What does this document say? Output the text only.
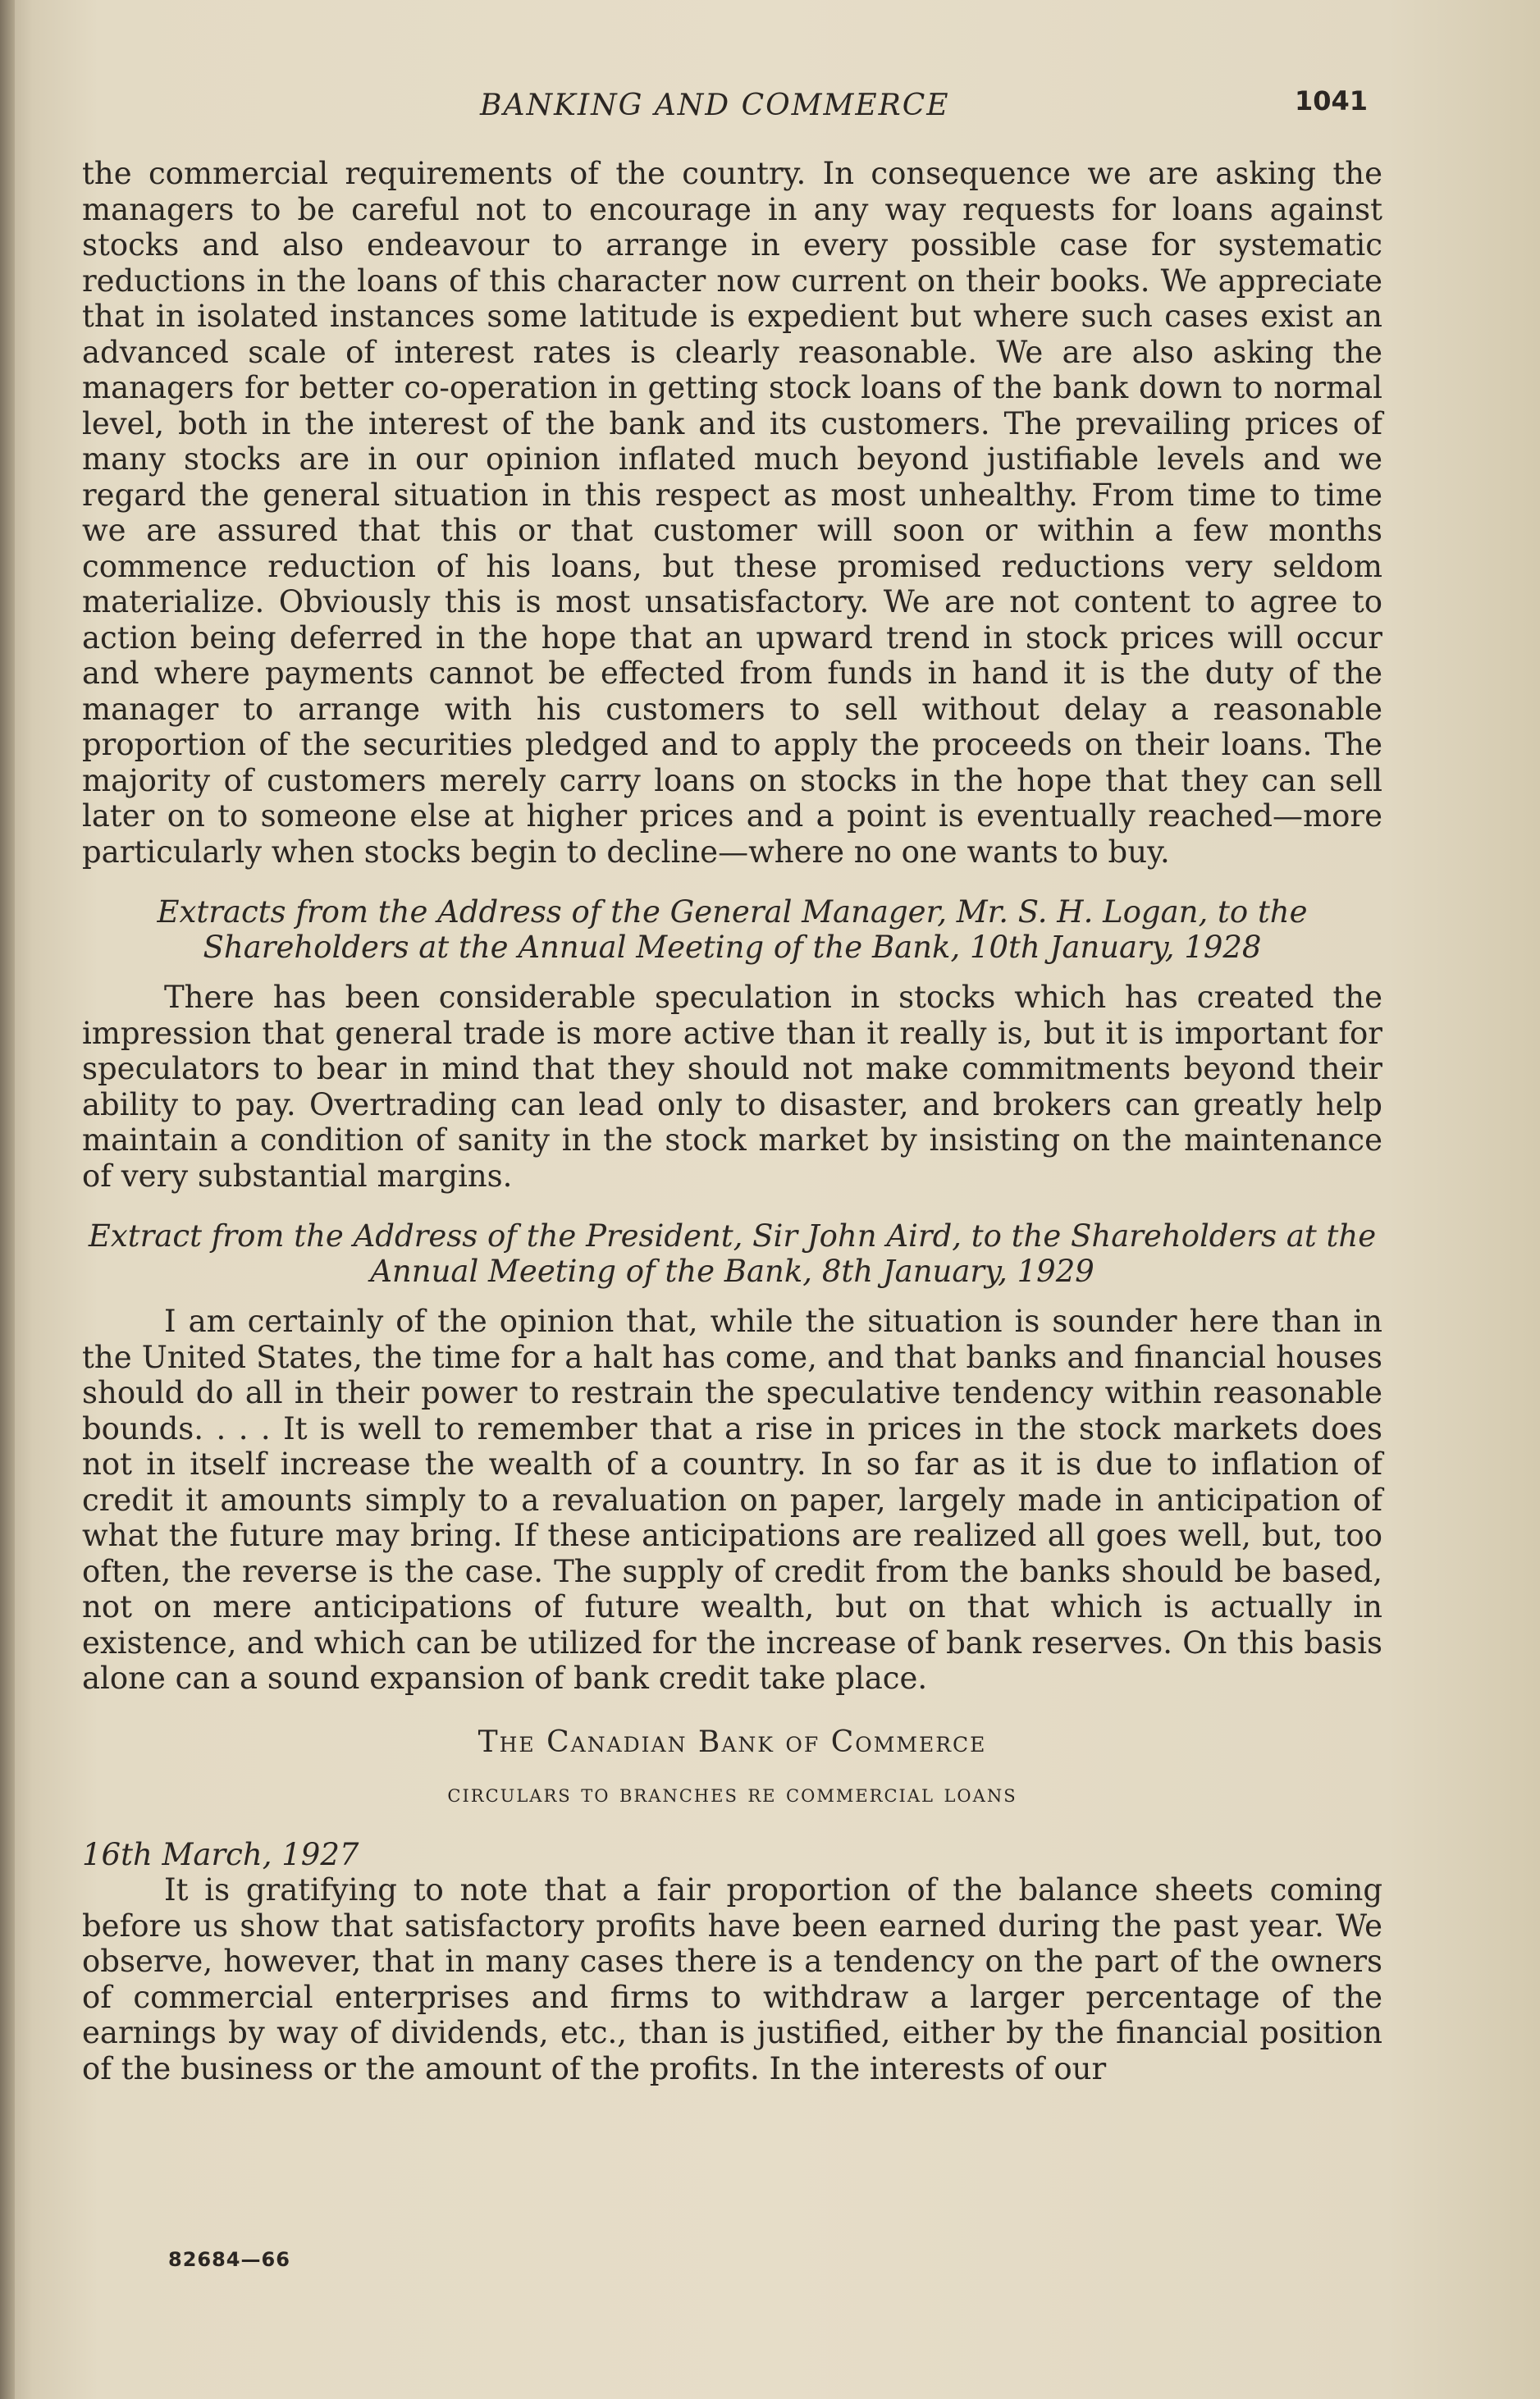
BANKING AND COMMERCE	1041

the commercial requirements of the country. In consequence we are asking the managers to be careful not to encourage in any way requests for loans against stocks and also endeavour to arrange in every possible case for systematic reductions in the loans of this character now current on their books. We appreciate that in isolated instances some latitude is expedient but where such cases exist an advanced scale of interest rates is clearly reasonable. We are also asking the managers for better co-operation in getting stock loans of the bank down to normal level, both in the interest of the bank and its customers. The prevailing prices of many stocks are in our opinion inflated much beyond justifiable levels and we regard the general situation in this respect as most unhealthy. From time to time we are assured that this or that customer will soon or within a few months commence reduction of his loans, but these promised reductions very seldom materialize. Obviously this is most unsatisfactory. We are not content to agree to action being deferred in the hope that an upward trend in stock prices will occur and where payments cannot be effected from funds in hand it is the duty of the manager to arrange with his customers to sell without delay a reasonable proportion of the securities pledged and to apply the proceeds on their loans. The majority of customers merely carry loans on stocks in the hope that they can sell later on to someone else at higher prices and a point is eventually reached—more particularly when stocks begin to decline—where no one wants to buy.

Extracts from the Address of the General Manager, Mr. S. H. Logan, to the Shareholders at the Annual Meeting of the Bank, 10th January, 1928

There has been considerable speculation in stocks which has created the impression that general trade is more active than it really is, but it is important for speculators to bear in mind that they should not make commitments beyond their ability to pay. Overtrading can lead only to disaster, and brokers can greatly help maintain a condition of sanity in the stock market by insisting on the maintenance of very substantial margins.

Extract from the Address of the President, Sir John Aird, to the Shareholders at the Annual Meeting of the Bank, 8th January, 1929

I am certainly of the opinion that, while the situation is sounder here than in the United States, the time for a halt has come, and that banks and financial houses should do all in their power to restrain the speculative tendency within reasonable bounds. . . . It is well to remember that a rise in prices in the stock markets does not in itself increase the wealth of a country. In so far as it is due to inflation of credit it amounts simply to a revaluation on paper, largely made in anticipation of what the future may bring. If these anticipations are realized all goes well, but, too often, the reverse is the case. The supply of credit from the banks should be based, not on mere anticipations of future wealth, but on that which is actually in existence, and which can be utilized for the increase of bank reserves. On this basis alone can a sound expansion of bank credit take place.

The Canadian Bank of Commerce

circulars to branches re commercial loans

16th March, 1927

It is gratifying to note that a fair proportion of the balance sheets coming before us show that satisfactory profits have been earned during the past year. We observe, however, that in many cases there is a tendency on the part of the owners of commercial enterprises and firms to withdraw a larger percentage of the earnings by way of dividends, etc., than is justified, either by the financial position of the business or the amount of the profits. In the interests of our

82684—66
